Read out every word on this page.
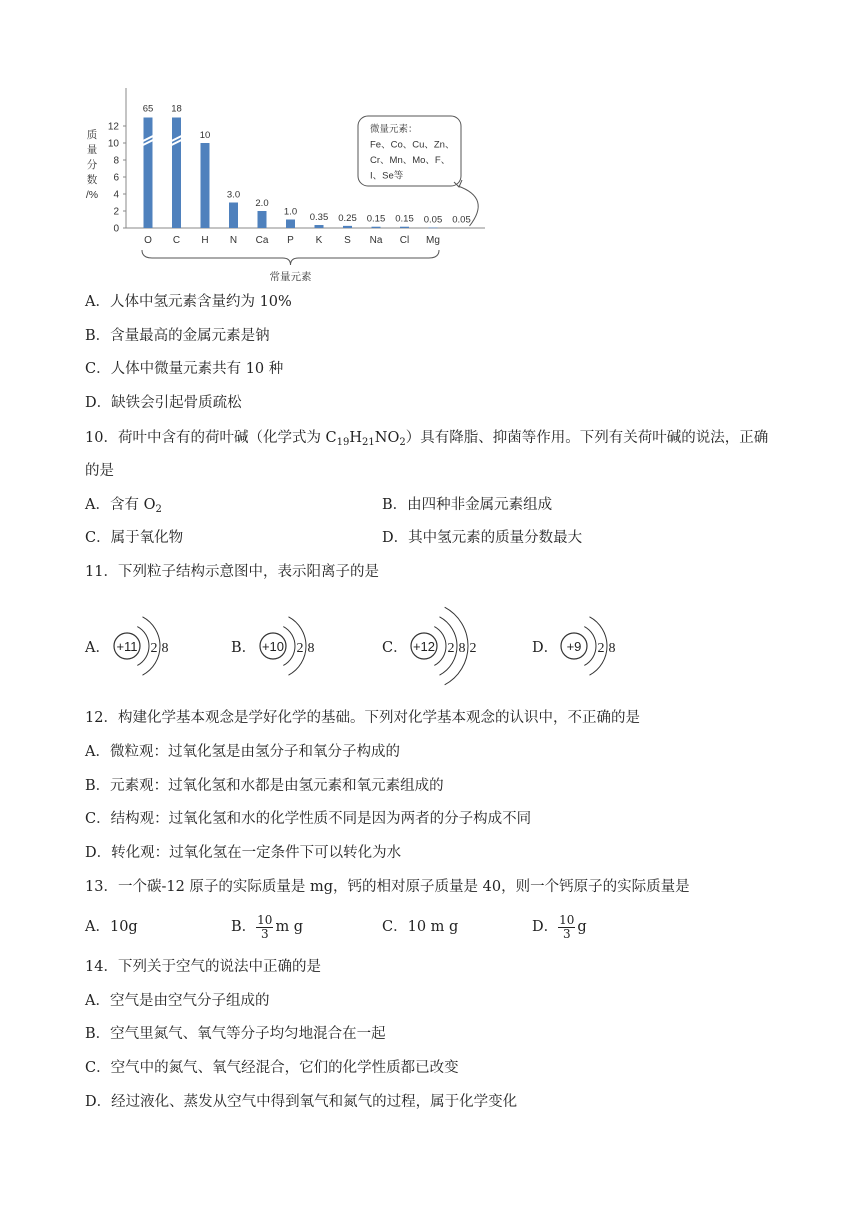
0
2
4
6
8
10
12
质
量
分
数
/%
65
O
18
C
10
H
3.0
N
2.0
Ca
1.0
P
0.35
K
0.25
S
0.15
Na
0.15
Cl
0.05
Mg
0.05
常量元素
微量元素：
Fe、Co、Cu、Zn、
Cr、Mn、Mo、F、
I、Se等
A．人体中氢元素含量约为 10%
B．含量最高的金属元素是钠
C．人体中微量元素共有 10 种
D．缺铁会引起骨质疏松
10．荷叶中含有的荷叶碱（化学式为 $C_{19}H_{21}NO_2$）具有降脂、抑菌等作用。下列有关荷叶碱的说法，正确
的是
A．含有 $O_2$	B．由四种非金属元素组成
C．属于氧化物	D．其中氢元素的质量分数最大
11．下列粒子结构示意图中，表示阳离子的是
A． +11 2 8	B． +10 2 8	C． +12 2 8 2	D． +9 2 8
12．构建化学基本观念是学好化学的基础。下列对化学基本观念的认识中，不正确的是
A．微粒观：过氧化氢是由氢分子和氧分子构成的
B．元素观：过氧化氢和水都是由氢元素和氧元素组成的
C．结构观：过氧化氢和水的化学性质不同是因为两者的分子构成不同
D．转化观：过氧化氢在一定条件下可以转化为水
13．一个碳-12 原子的实际质量是 mg，钙的相对原子质量是 40，则一个钙原子的实际质量是
A．10g	B． $\frac{10}{3}$ m g	C．10 m g	D． $\frac{10}{3}$ g
14．下列关于空气的说法中正确的是
A．空气是由空气分子组成的
B．空气里氮气、氧气等分子均匀地混合在一起
C．空气中的氮气、氧气经混合，它们的化学性质都已改变
D．经过液化、蒸发从空气中得到氧气和氮气的过程，属于化学变化
